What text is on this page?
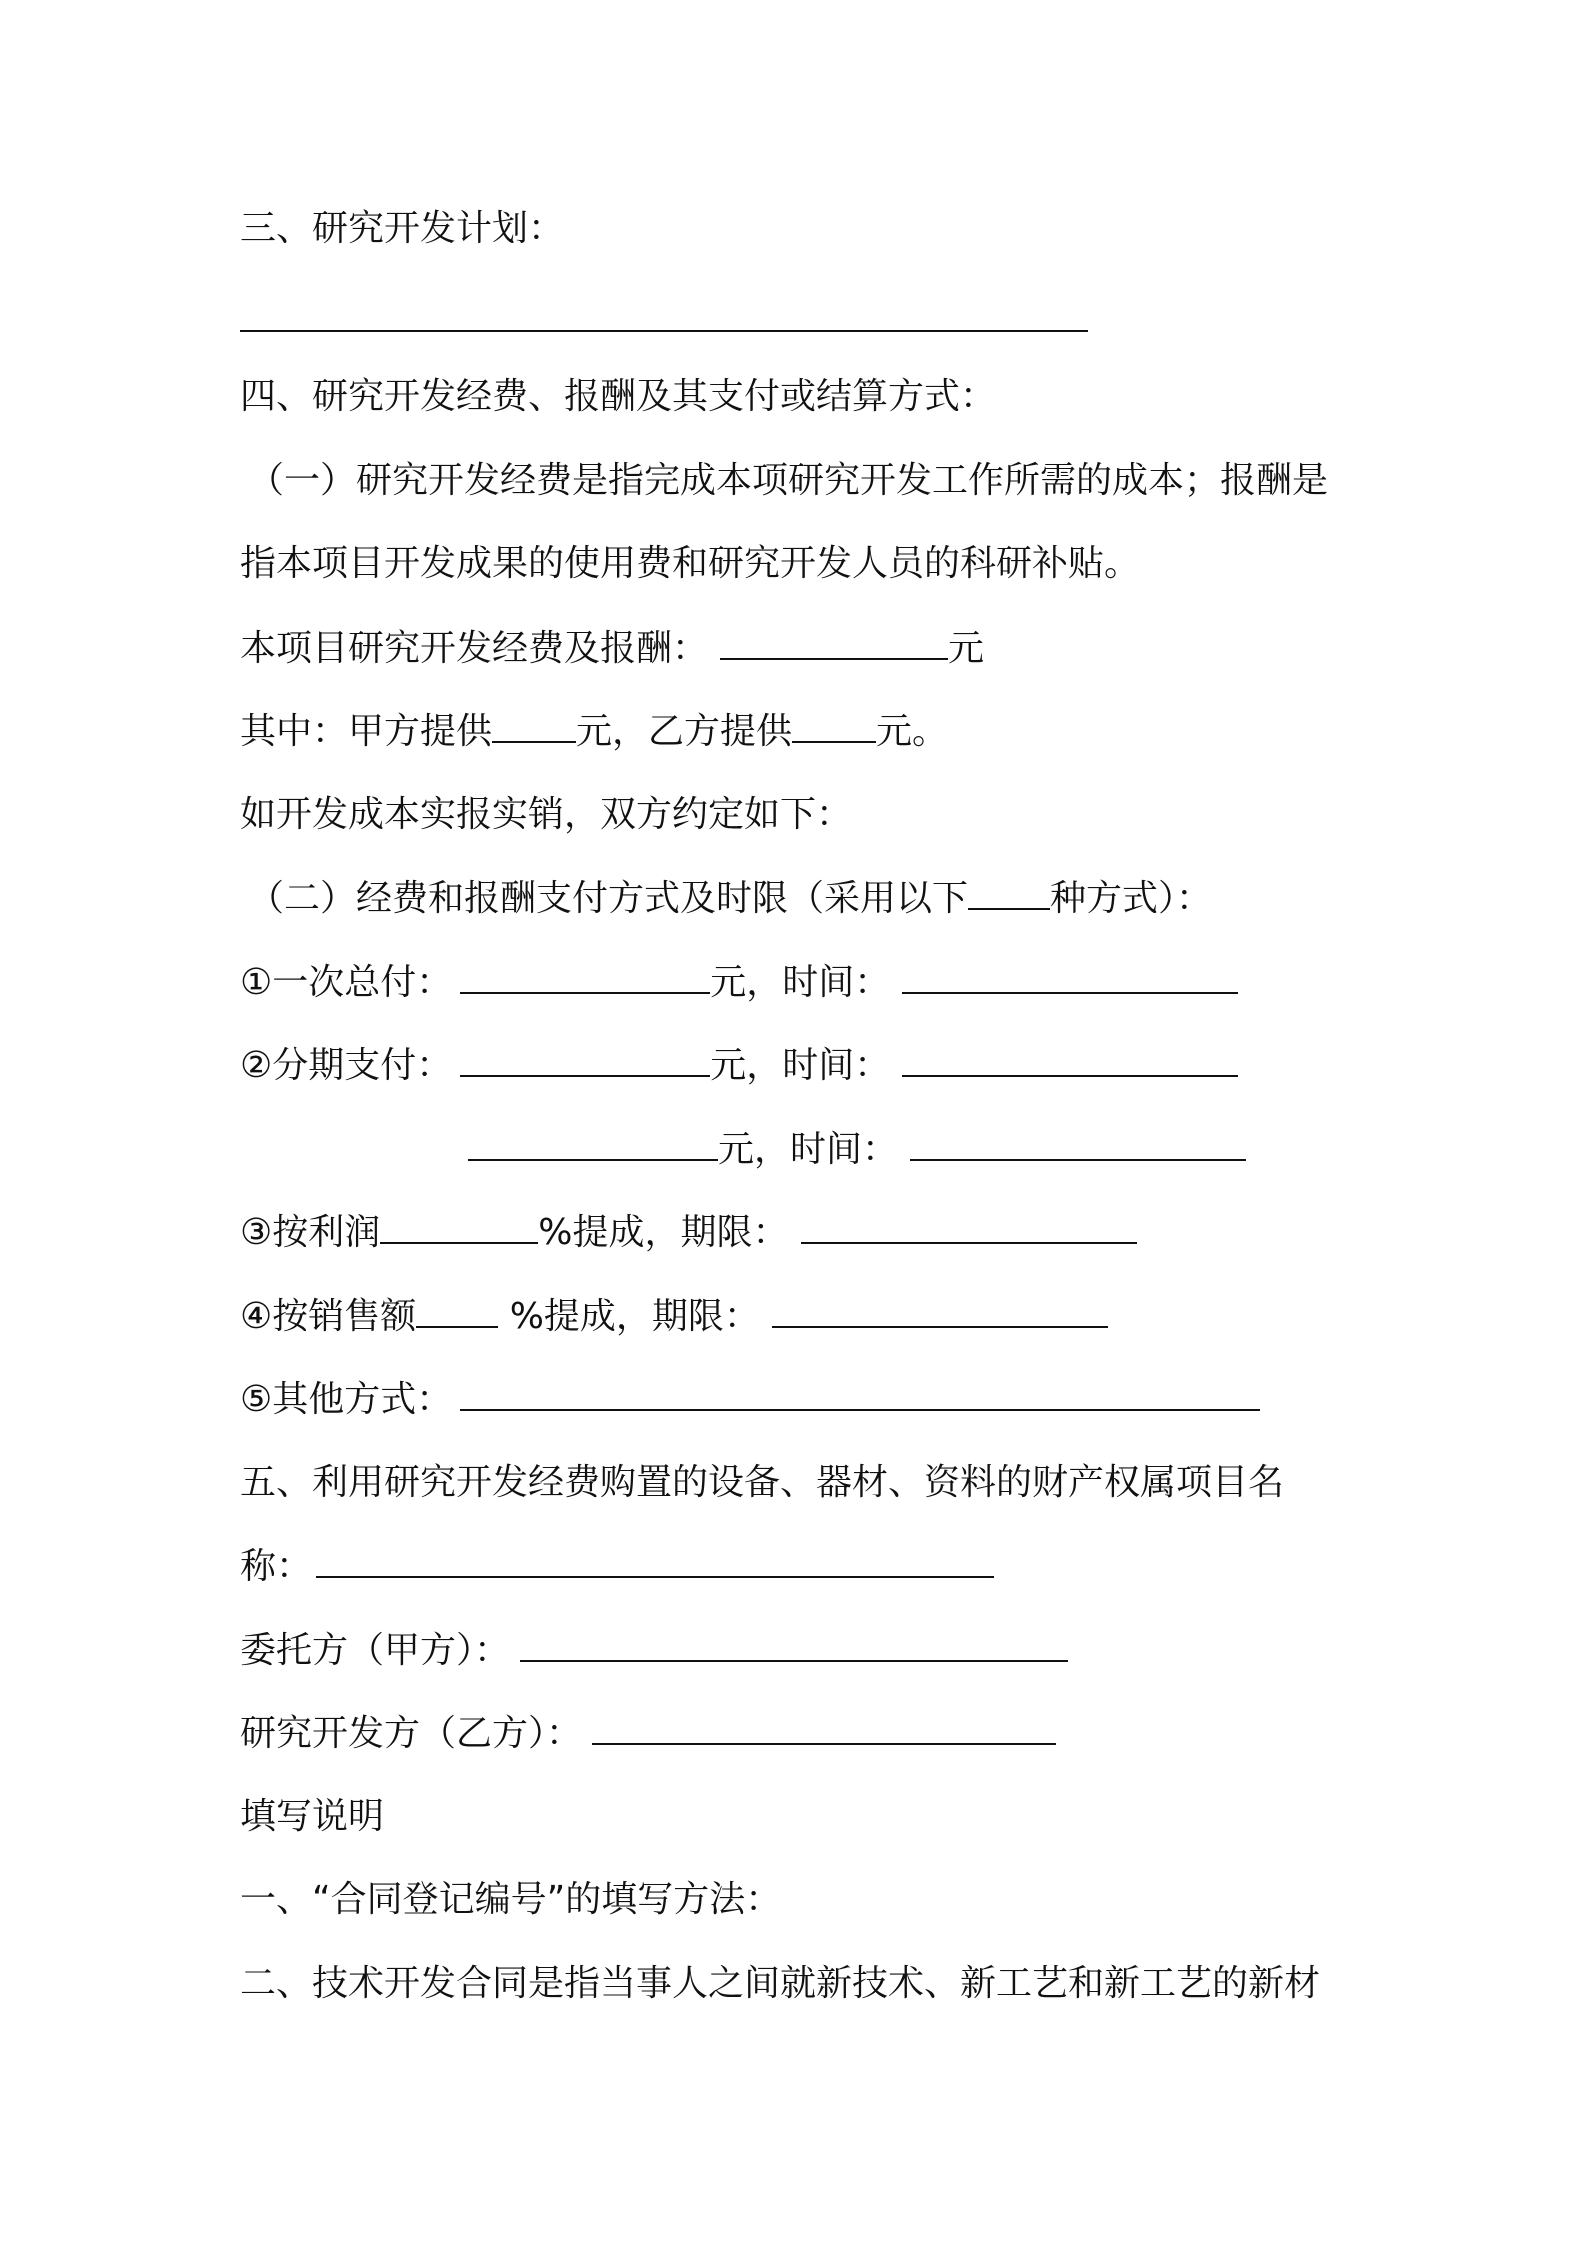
三、研究开发计划：
四、研究开发经费、报酬及其支付或结算方式：
（一）研究开发经费是指完成本项研究开发工作所需的成本；报酬是
指本项目开发成果的使用费和研究开发人员的科研补贴。
本项目研究开发经费及报酬：	元
其中：甲方提供 元，乙方提供 元。
如开发成本实报实销，双方约定如下：
（二）经费和报酬支付方式及时限（采用以下 种方式）：
①一次总付：	元，时间：
②分期支付：	元，时间：
元，时间：
③按利润	%提成，期限：
④按销售额 %提成，期限：
⑤其他方式：
五、利用研究开发经费购置的设备、器材、资料的财产权属项目名
称：
委托方（甲方）：
研究开发方（乙方）：
填写说明
一、“合同登记编号”的填写方法：
二、技术开发合同是指当事人之间就新技术、新工艺和新工艺的新材
